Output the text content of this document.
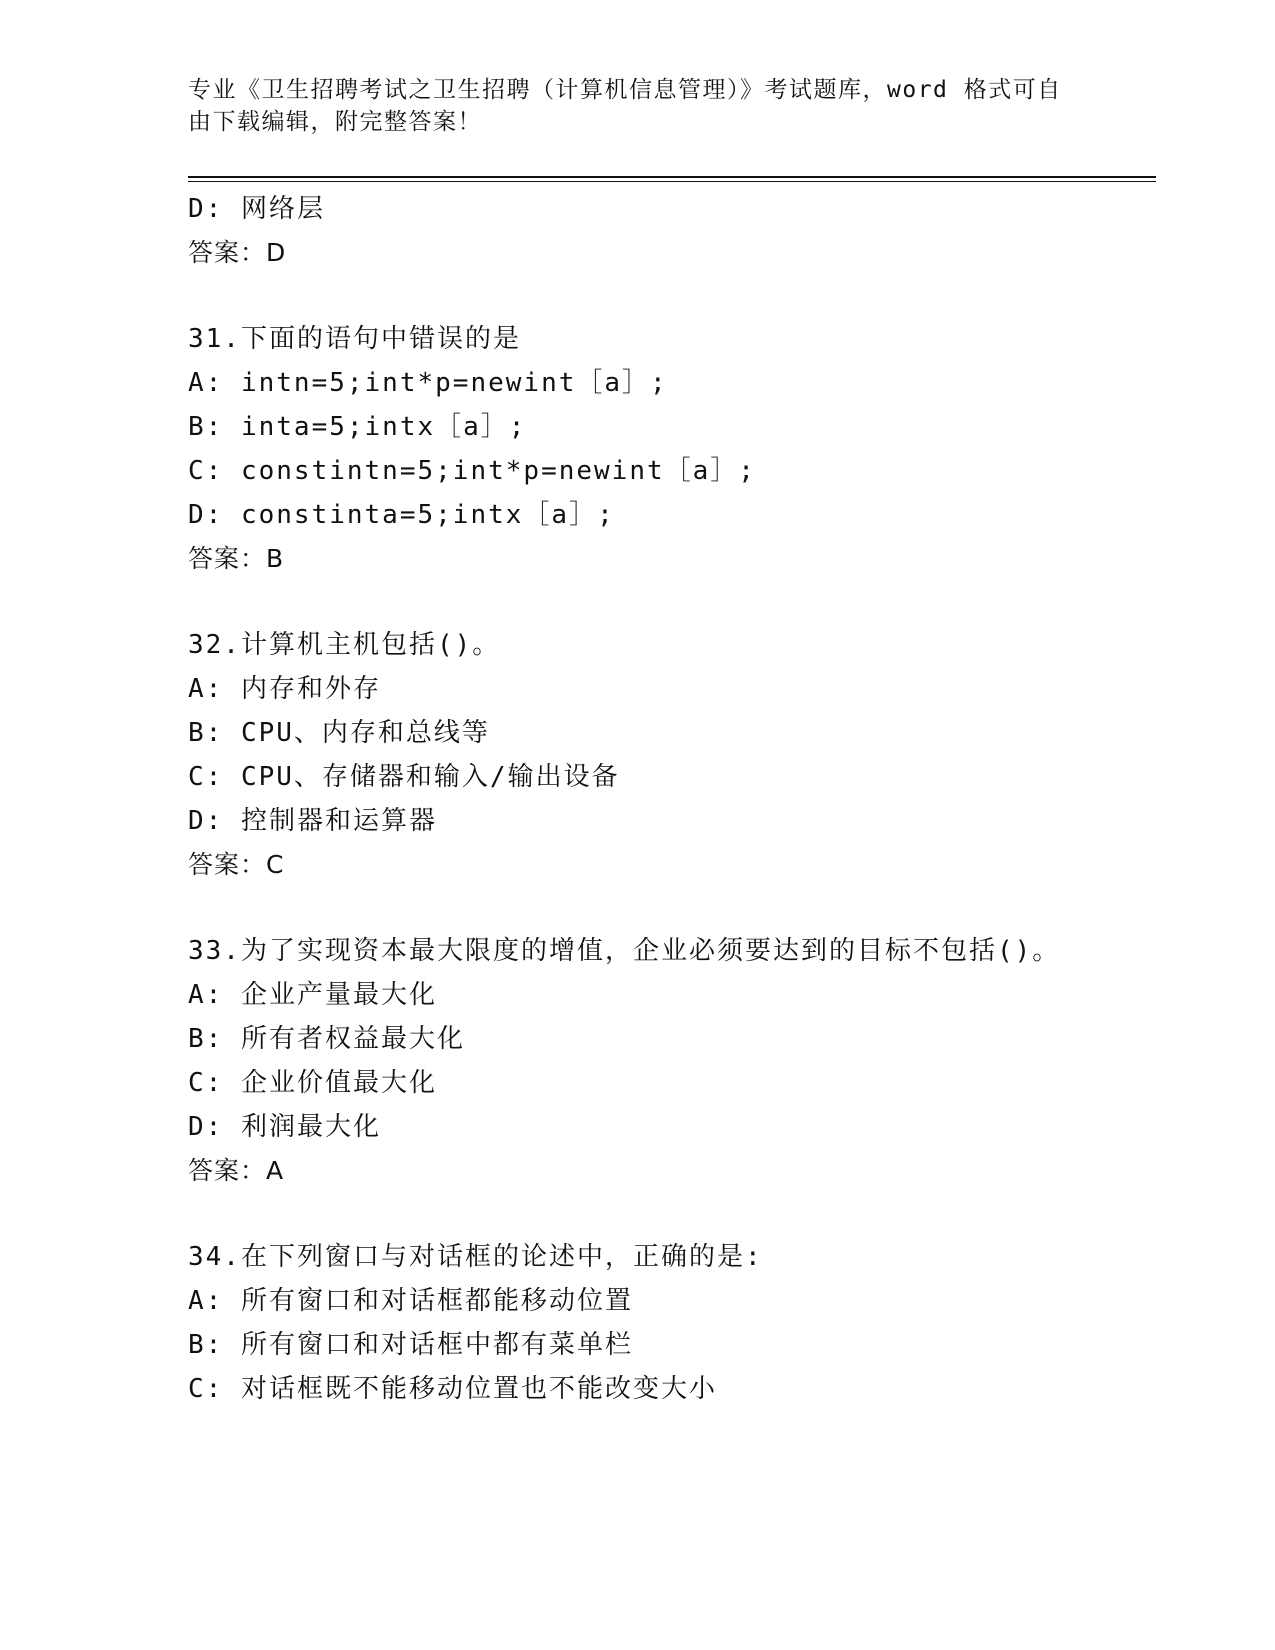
专业《卫生招聘考试之卫生招聘（计算机信息管理）》考试题库，word 格式可自
由下载编辑，附完整答案！
D: 网络层
答案：D
31.下面的语句中错误的是
A: intn=5;int*p=newint［a］;
B: inta=5;intx［a］;
C: constintn=5;int*p=newint［a］;
D: constinta=5;intx［a］;
答案：B
32.计算机主机包括()。
A: 内存和外存
B: CPU、内存和总线等
C: CPU、存储器和输入/输出设备
D: 控制器和运算器
答案：C
33.为了实现资本最大限度的增值，企业必须要达到的目标不包括()。
A: 企业产量最大化
B: 所有者权益最大化
C: 企业价值最大化
D: 利润最大化
答案：A
34.在下列窗口与对话框的论述中，正确的是:
A: 所有窗口和对话框都能移动位置
B: 所有窗口和对话框中都有菜单栏
C: 对话框既不能移动位置也不能改变大小
